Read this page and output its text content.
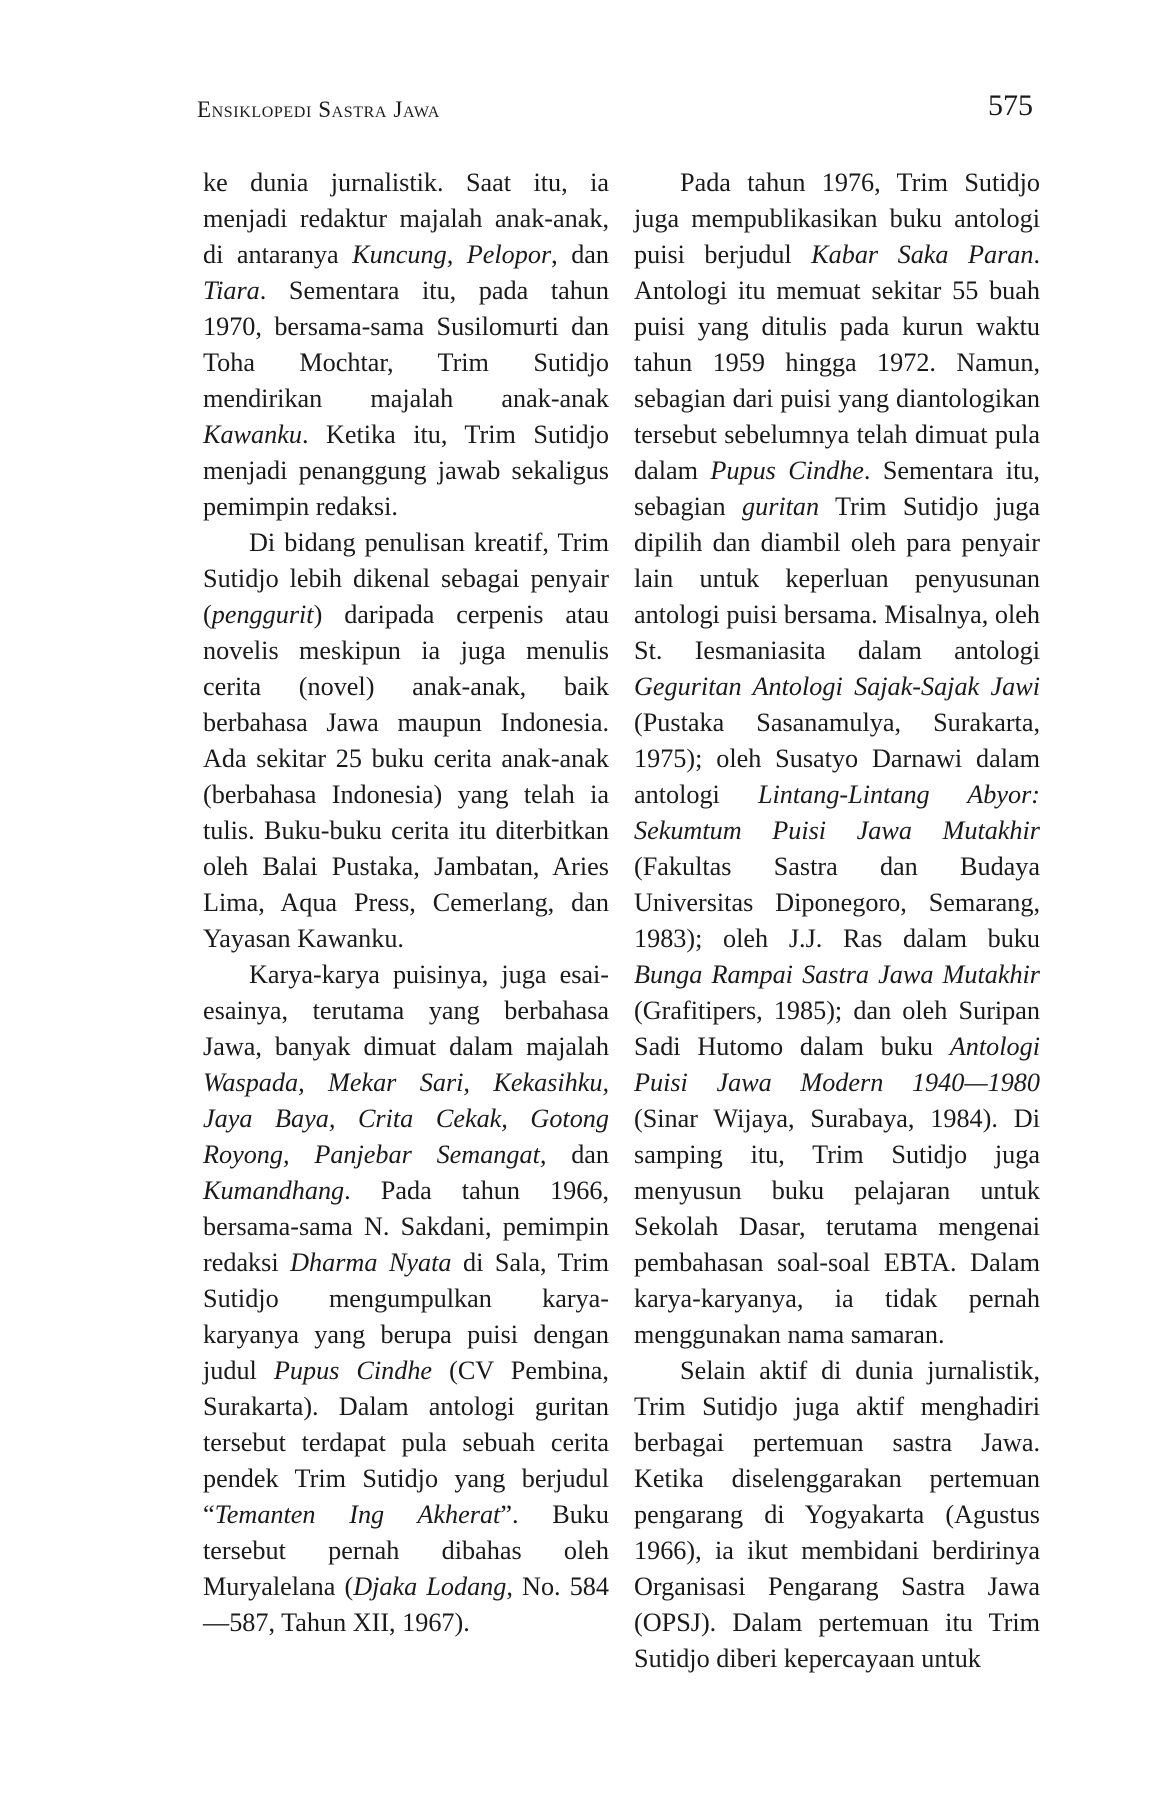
Ensiklopedi Sastra Jawa	575

ke dunia jurnalistik. Saat itu, ia menjadi redaktur majalah anak-anak, di antaranya Kuncung, Pelopor, dan Tiara. Sementara itu, pada tahun 1970, bersama-sama Susilomurti dan Toha Mochtar, Trim Sutidjo mendirikan majalah anak-anak Kawanku. Ketika itu, Trim Sutidjo menjadi penanggung jawab sekaligus pemimpin redaksi.

Di bidang penulisan kreatif, Trim Sutidjo lebih dikenal sebagai penyair (penggurit) daripada cerpenis atau novelis meskipun ia juga menulis cerita (novel) anak-anak, baik berbahasa Jawa maupun Indonesia. Ada sekitar 25 buku cerita anak-anak (berbahasa Indonesia) yang telah ia tulis. Buku-buku cerita itu diterbitkan oleh Balai Pustaka, Jambatan, Aries Lima, Aqua Press, Cemerlang, dan Yayasan Kawanku.

Karya-karya puisinya, juga esai-esainya, terutama yang berbahasa Jawa, banyak dimuat dalam majalah Waspada, Mekar Sari, Kekasihku, Jaya Baya, Crita Cekak, Gotong Royong, Panjebar Semangat, dan Kumandhang. Pada tahun 1966, bersama-sama N. Sakdani, pemimpin redaksi Dharma Nyata di Sala, Trim Sutidjo mengumpulkan karya-karyanya yang berupa puisi dengan judul Pupus Cindhe (CV Pembina, Surakarta). Dalam antologi guritan tersebut terdapat pula sebuah cerita pendek Trim Sutidjo yang berjudul “Temanten Ing Akherat”. Buku tersebut pernah dibahas oleh Muryalelana (Djaka Lodang, No. 584—587, Tahun XII, 1967).

Pada tahun 1976, Trim Sutidjo juga mempublikasikan buku antologi puisi berjudul Kabar Saka Paran. Antologi itu memuat sekitar 55 buah puisi yang ditulis pada kurun waktu tahun 1959 hingga 1972. Namun, sebagian dari puisi yang diantologikan tersebut sebelumnya telah dimuat pula dalam Pupus Cindhe. Sementara itu, sebagian guritan Trim Sutidjo juga dipilih dan diambil oleh para penyair lain untuk keperluan penyusunan antologi puisi bersama. Misalnya, oleh St. Iesmaniasita dalam antologi Geguritan Antologi Sajak-Sajak Jawi (Pustaka Sasanamulya, Surakarta, 1975); oleh Susatyo Darnawi dalam antologi Lintang-Lintang Abyor: Sekumtum Puisi Jawa Mutakhir (Fakultas Sastra dan Budaya Universitas Diponegoro, Semarang, 1983); oleh J.J. Ras dalam buku Bunga Rampai Sastra Jawa Mutakhir (Grafitipers, 1985); dan oleh Suripan Sadi Hutomo dalam buku Antologi Puisi Jawa Modern 1940—1980 (Sinar Wijaya, Surabaya, 1984). Di samping itu, Trim Sutidjo juga menyusun buku pelajaran untuk Sekolah Dasar, terutama mengenai pembahasan soal-soal EBTA. Dalam karya-karyanya, ia tidak pernah menggunakan nama samaran.

Selain aktif di dunia jurnalistik, Trim Sutidjo juga aktif menghadiri berbagai pertemuan sastra Jawa. Ketika diselenggarakan pertemuan pengarang di Yogyakarta (Agustus 1966), ia ikut membidani berdirinya Organisasi Pengarang Sastra Jawa (OPSJ). Dalam pertemuan itu Trim Sutidjo diberi kepercayaan untuk
